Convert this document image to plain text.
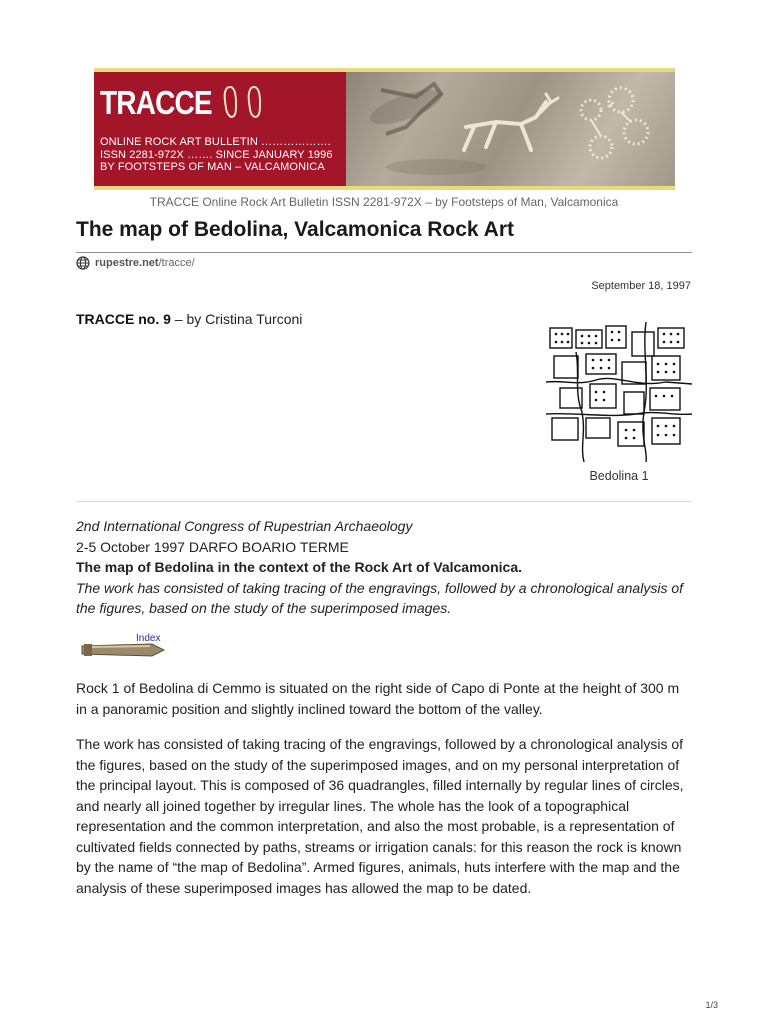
TRACCE
ONLINE ROCK ART BULLETIN ……………….
ISSN 2281-972X ……. SINCE JANUARY 1996
BY FOOTSTEPS OF MAN – VALCAMONICA
TRACCE Online Rock Art Bulletin ISSN 2281-972X – by Footsteps of Man, Valcamonica
The map of Bedolina, Valcamonica Rock Art
rupestre.net /tracce/
September 18, 1997
TRACCE no. 9 – by Cristina Turconi
Bedolina 1
2nd International Congress of Rupestrian Archaeology
2-5 October 1997 DARFO BOARIO TERME
The map of Bedolina in the context of the Rock Art of Valcamonica.
The work has consisted of taking tracing of the engravings, followed by a chronological analysis of the figures, based on the study of the superimposed images.
Index
Rock 1 of Bedolina di Cemmo is situated on the right side of Capo di Ponte at the height of 300 m in a panoramic position and slightly inclined toward the bottom of the valley.
The work has consisted of taking tracing of the engravings, followed by a chronological analysis of the figures, based on the study of the superimposed images, and on my personal interpretation of the principal layout. This is composed of 36 quadrangles, filled internally by regular lines of circles, and nearly all joined together by irregular lines. The whole has the look of a topographical representation and the common interpretation, and also the most probable, is a representation of cultivated fields connected by paths, streams or irrigation canals: for this reason the rock is known by the name of “the map of Bedolina”. Armed figures, animals, huts interfere with the map and the analysis of these superimposed images has allowed the map to be dated.
1/3
